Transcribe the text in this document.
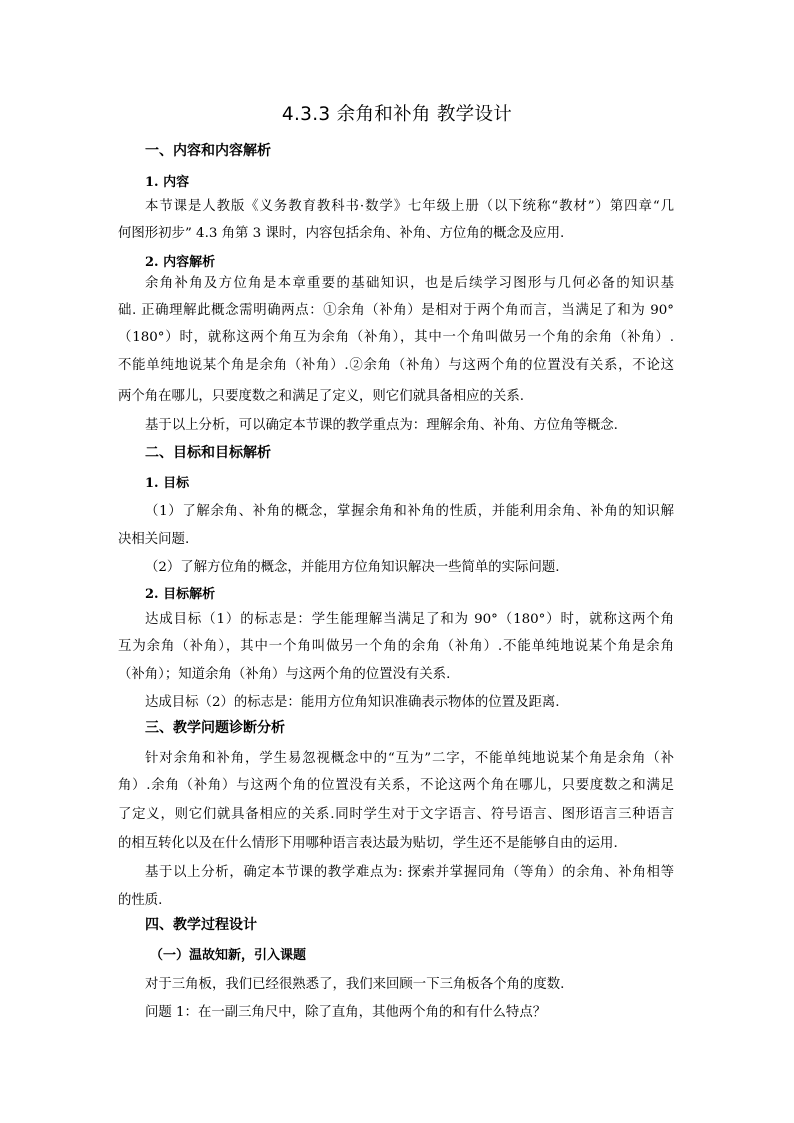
4.3.3 余角和补角 教学设计
一、内容和内容解析
1. 内容
本节课是人教版《义务教育教科书·数学》七年级上册（以下统称“教材”）第四章“几
何图形初步” 4.3 角第 3 课时，内容包括余角、补角、方位角的概念及应用.
2. 内容解析
余角补角及方位角是本章重要的基础知识，也是后续学习图形与几何必备的知识基
础. 正确理解此概念需明确两点：①余角（补角）是相对于两个角而言，当满足了和为 90°
（180°）时，就称这两个角互为余角（补角），其中一个角叫做另一个角的余角（补角）.
不能单纯地说某个角是余角（补角）.②余角（补角）与这两个角的位置没有关系，不论这
两个角在哪儿，只要度数之和满足了定义，则它们就具备相应的关系.
基于以上分析，可以确定本节课的教学重点为：理解余角、补角、方位角等概念.
二、目标和目标解析
1. 目标
（1）了解余角、补角的概念，掌握余角和补角的性质，并能利用余角、补角的知识解
决相关问题.
（2）了解方位角的概念，并能用方位角知识解决一些简单的实际问题.
2. 目标解析
达成目标（1）的标志是：学生能理解当满足了和为 90°（180°）时，就称这两个角
互为余角（补角），其中一个角叫做另一个角的余角（补角）.不能单纯地说某个角是余角
（补角）；知道余角（补角）与这两个角的位置没有关系.
达成目标（2）的标志是：能用方位角知识准确表示物体的位置及距离.
三、教学问题诊断分析
针对余角和补角，学生易忽视概念中的“互为”二字，不能单纯地说某个角是余角（补
角）.余角（补角）与这两个角的位置没有关系，不论这两个角在哪儿，只要度数之和满足
了定义，则它们就具备相应的关系.同时学生对于文字语言、符号语言、图形语言三种语言
的相互转化以及在什么情形下用哪种语言表达最为贴切，学生还不是能够自由的运用.
基于以上分析，确定本节课的教学难点为: 探索并掌握同角（等角）的余角、补角相等
的性质.
四、教学过程设计
（一）温故知新，引入课题
对于三角板，我们已经很熟悉了，我们来回顾一下三角板各个角的度数.
问题 1：在一副三角尺中，除了直角，其他两个角的和有什么特点？
